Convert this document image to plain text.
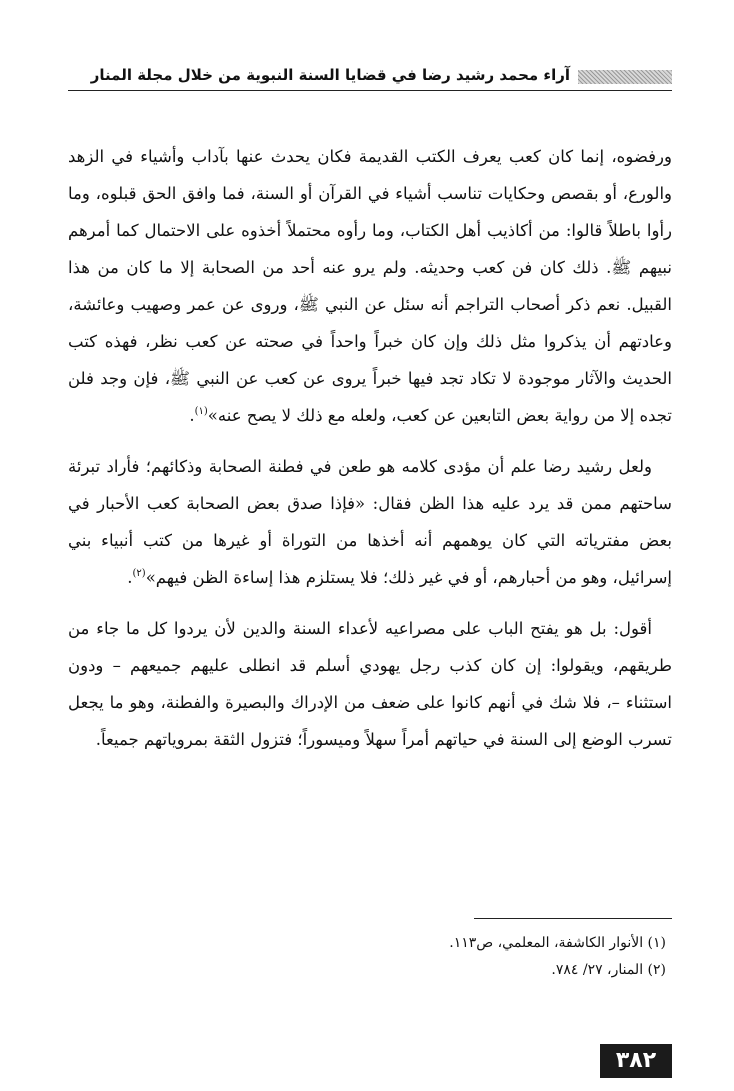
آراء محمد رشيد رضا في قضايا السنة النبوية من خلال مجلة المنار

ورفضوه، إنما كان كعب يعرف الكتب القديمة فكان يحدث عنها بآداب وأشياء في الزهد والورع، أو بقصص وحكايات تناسب أشياء في القرآن أو السنة، فما وافق الحق قبلوه، وما رأوا باطلاً قالوا: من أكاذيب أهل الكتاب، وما رأوه محتملاً أخذوه على الاحتمال كما أمرهم نبيهم ﷺ. ذلك كان فن كعب وحديثه. ولم يرو عنه أحد من الصحابة إلا ما كان من هذا القبيل. نعم ذكر أصحاب التراجم أنه سئل عن النبي ﷺ، وروى عن عمر وصهيب وعائشة، وعادتهم أن يذكروا مثل ذلك وإن كان خبراً واحداً في صحته عن كعب نظر، فهذه كتب الحديث والآثار موجودة لا تكاد تجد فيها خبراً يروى عن كعب عن النبي ﷺ، فإن وجد فلن تجده إلا من رواية بعض التابعين عن كعب، ولعله مع ذلك لا يصح عنه»$^{(١)}$.

ولعل رشيد رضا علم أن مؤدى كلامه هو طعن في فطنة الصحابة وذكائهم؛ فأراد تبرئة ساحتهم ممن قد يرد عليه هذا الظن فقال: «فإذا صدق بعض الصحابة كعب الأحبار في بعض مفترياته التي كان يوهمهم أنه أخذها من التوراة أو غيرها من كتب أنبياء بني إسرائيل، وهو من أحبارهم، أو في غير ذلك؛ فلا يستلزم هذا إساءة الظن فيهم»$^{(٢)}$.

أقول: بل هو يفتح الباب على مصراعيه لأعداء السنة والدين لأن يردوا كل ما جاء من طريقهم، ويقولوا: إن كان كذب رجل يهودي أسلم قد انطلى عليهم جميعهم – ودون استثناء –، فلا شك في أنهم كانوا على ضعف من الإدراك والبصيرة والفطنة، وهو ما يجعل تسرب الوضع إلى السنة في حياتهم أمراً سهلاً وميسوراً؛ فتزول الثقة بمروياتهم جميعاً.

(١) الأنوار الكاشفة، المعلمي، ص١١٣.
(٢) المنار، ٢٧/ ٧٨٤.
٣٨٢
